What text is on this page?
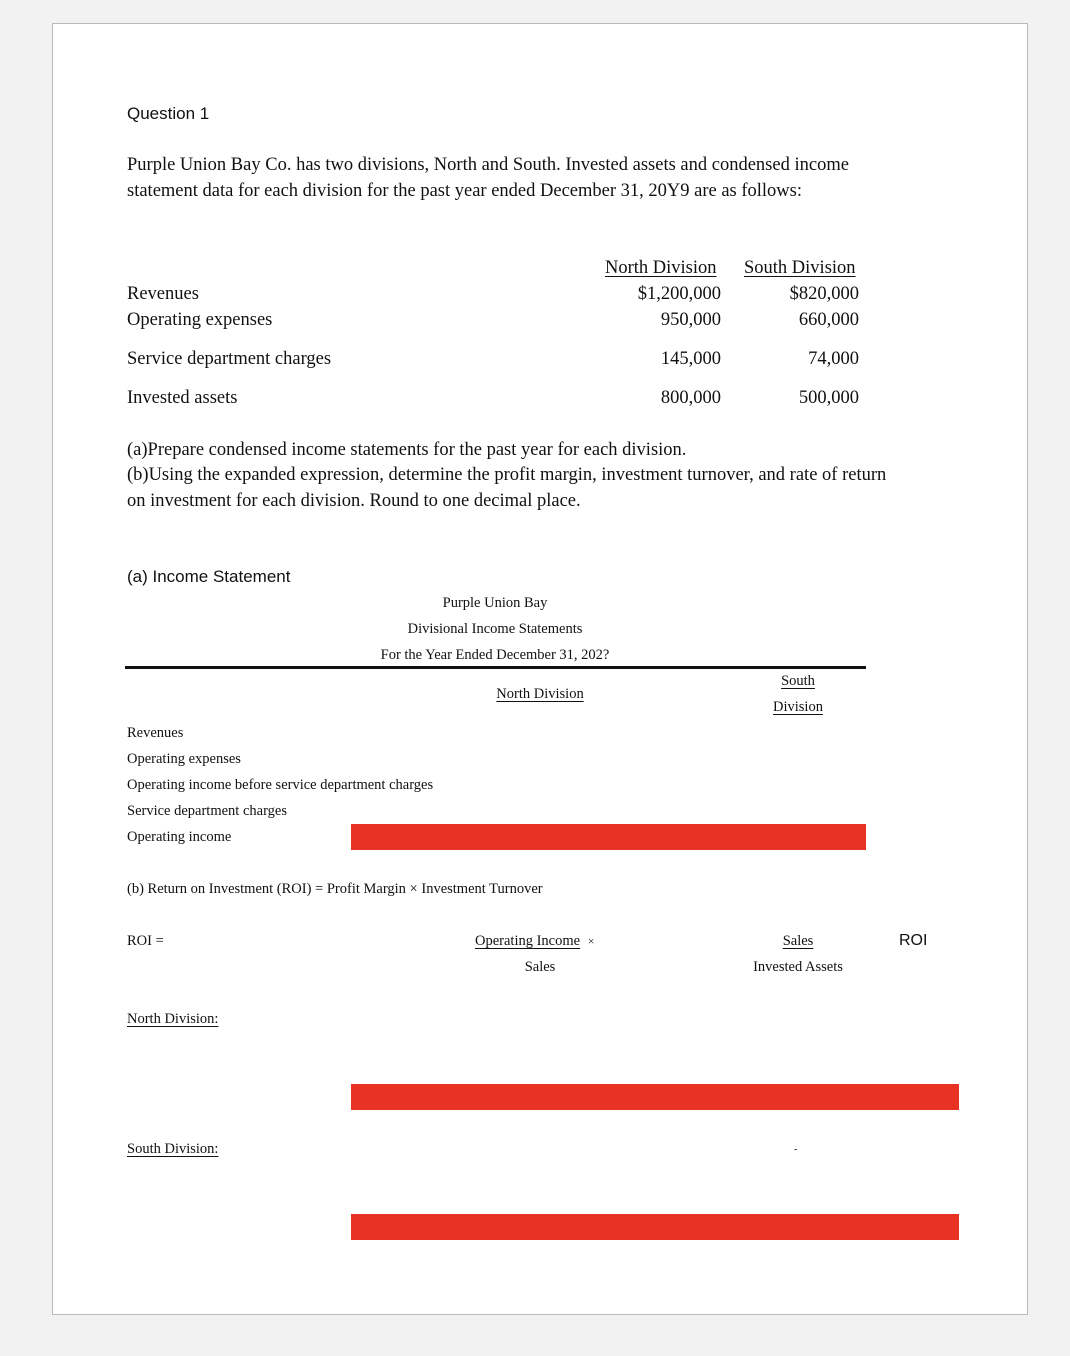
Question 1
Purple Union Bay Co. has two divisions, North and South. Invested assets and condensed income
statement data for each division for the past year ended December 31, 20Y9 are as follows:
North Division South Division
Revenues	$1,200,000	$820,000
Operating expenses	950,000	660,000
Service department charges	145,000	74,000
Invested assets	800,000	500,000
(a)Prepare condensed income statements for the past year for each division.
(b)Using the expanded expression, determine the profit margin, investment turnover, and rate of return
on investment for each division. Round to one decimal place.
(a) Income Statement
Purple Union Bay
Divisional Income Statements
For the Year Ended December 31, 202?
North Division
South
Division
Revenues
Operating expenses
Operating income before service department charges
Service department charges
Operating income
(b) Return on Investment (ROI) = Profit Margin × Investment Turnover
ROI =	Operating Income ×
Sales
Sales
Invested Assets
ROI
North Division:
South Division:	-
